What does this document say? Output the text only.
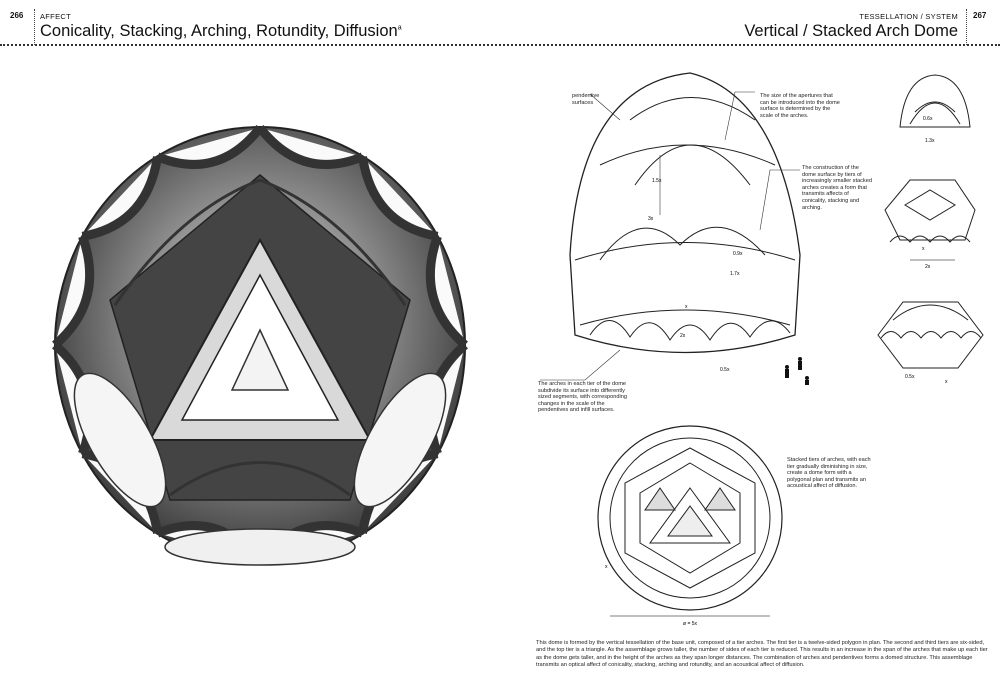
266 AFFECT
Conicality, Stacking, Arching, Rotundity, Diffusion$^a$
TESSELLATION / SYSTEM
Vertical / Stacked Arch Dome
267
1.5x
3x
0.9x
1.7x
x
2x
0.5x
0.6x
1.3x
2x
x
0.5x
x
ø = 5x
x
pendentive surfaces
The size of the apertures that can be introduced into the dome surface is determined by the scale of the arches.
The construction of the dome surface by tiers of increasingly smaller stacked arches creates a form that transmits affects of conicality, stacking and arching.
The arches in each tier of the dome subdivide its surface into differently sized segments, with corresponding changes in the scale of the pendentives and infill surfaces.
Stacked tiers of arches, with each tier gradually diminishing in size, create a dome form with a polygonal plan and transmits an acoustical affect of diffusion.
This dome is formed by the vertical tessellation of the base unit, composed of a tier arches. The first tier is a twelve-sided polygon in plan. The second and third tiers are six-sided, and the top tier is a triangle. As the assemblage grows taller, the number of sides of each tier is reduced. This results in an increase in the span of the arches that make up each tier as the dome gets taller, and in the height of the arches as they span longer distances. The combination of arches and pendentives forms a domed structure. This assemblage transmits an optical affect of conicality, stacking, arching and rotundity, and an acoustical affect of diffusion.
